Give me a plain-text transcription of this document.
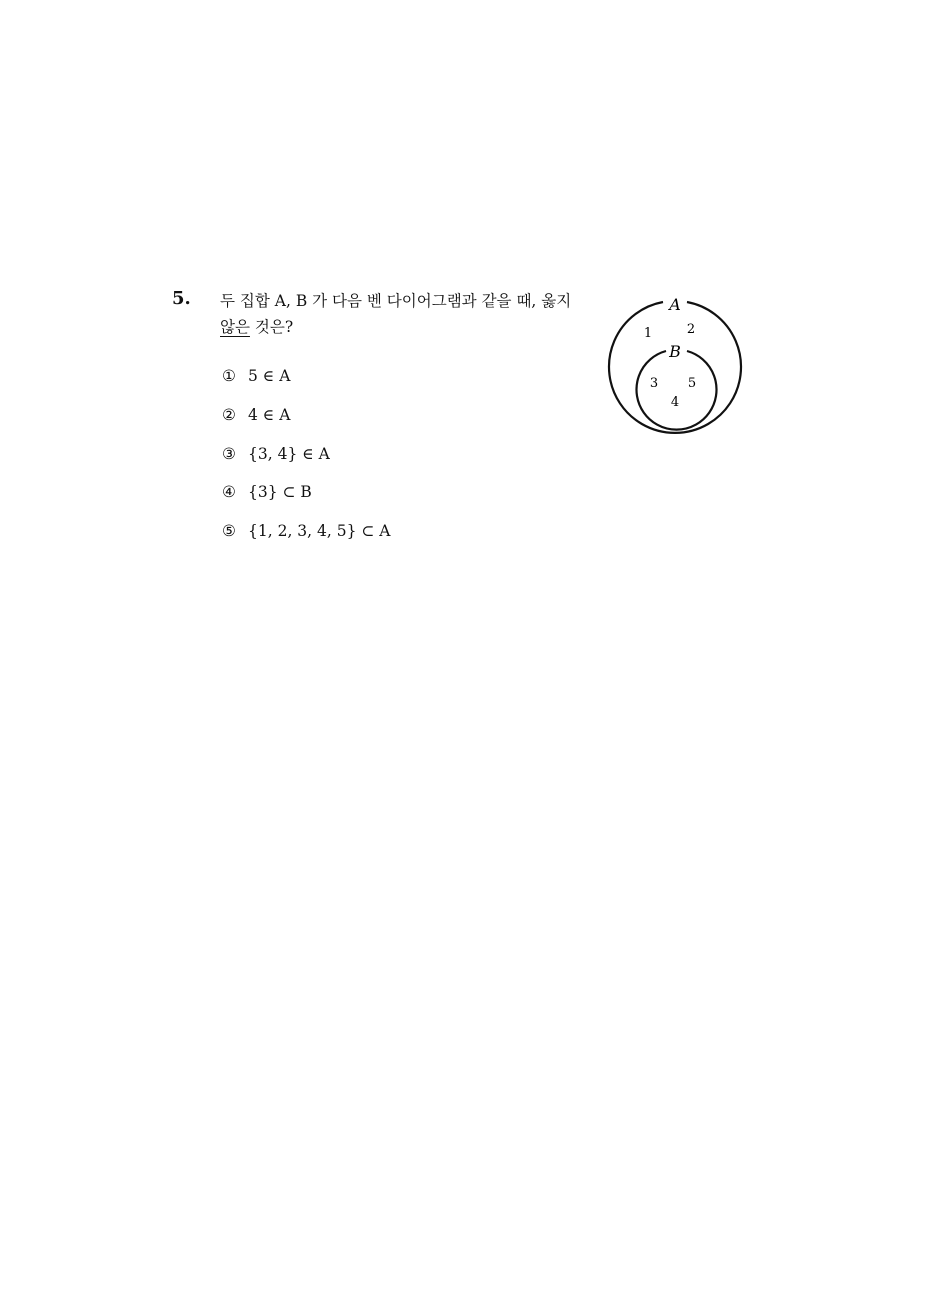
5. 두 집합 A, B 가 다음 벤 다이어그램과 같을 때, 옳지
않은 것은?
① 5 ∈ A
② 4 ∈ A
③ {3, 4} ∈ A
④ {3} ⊂ B
⑤ {1, 2, 3, 4, 5} ⊂ A
A
B
1	2
3 5
4
